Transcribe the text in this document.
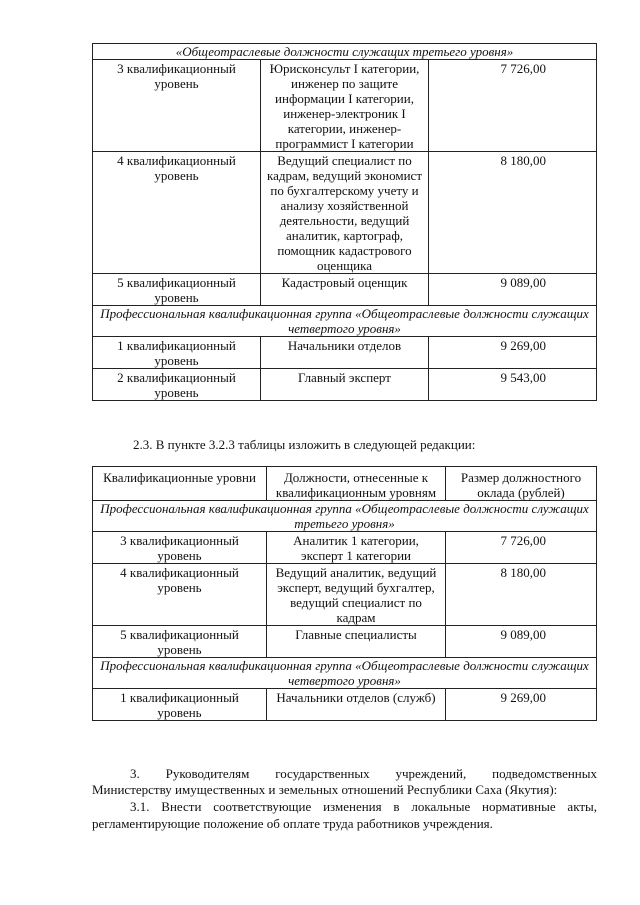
«Общеотраслевые должности служащих третьего уровня»		
3 квалификационный уровень	Юрисконсульт I категории, инженер по защите информации I категории, инженер-электроник I категории, инженер-программист I категории	7 726,00
4 квалификационный уровень	Ведущий специалист по кадрам, ведущий экономист по бухгалтерскому учету и анализу хозяйственной деятельности, ведущий аналитик, картограф, помощник кадастрового оценщика	8 180,00
5 квалификационный уровень	Кадастровый оценщик	9 089,00
Профессиональная квалификационная группа «Общеотраслевые должности служащих четвертого уровня»		
1 квалификационный уровень	Начальники отделов	9 269,00
2 квалификационный уровень	Главный эксперт	9 543,00
2.3. В пункте 3.2.3 таблицы изложить в следующей редакции:
Квалификационные уровни	Должности, отнесенные к квалификационным уровням	Размер должностного оклада (рублей)
Профессиональная квалификационная группа «Общеотраслевые должности служащих третьего уровня»		
3 квалификационный уровень	Аналитик 1 категории, эксперт 1 категории	7 726,00
4 квалификационный уровень	Ведущий аналитик, ведущий эксперт, ведущий бухгалтер, ведущий специалист по кадрам	8 180,00
5 квалификационный уровень	Главные специалисты	9 089,00
Профессиональная квалификационная группа «Общеотраслевые должности служащих четвертого уровня»		
1 квалификационный уровень	Начальники отделов (служб)	9 269,00
3. Руководителям государственных учреждений, подведомственных
Министерству имущественных и земельных отношений Республики Саха (Якутия):
3.1. Внести соответствующие изменения в локальные нормативные акты,
регламентирующие положение об оплате труда работников учреждения.
